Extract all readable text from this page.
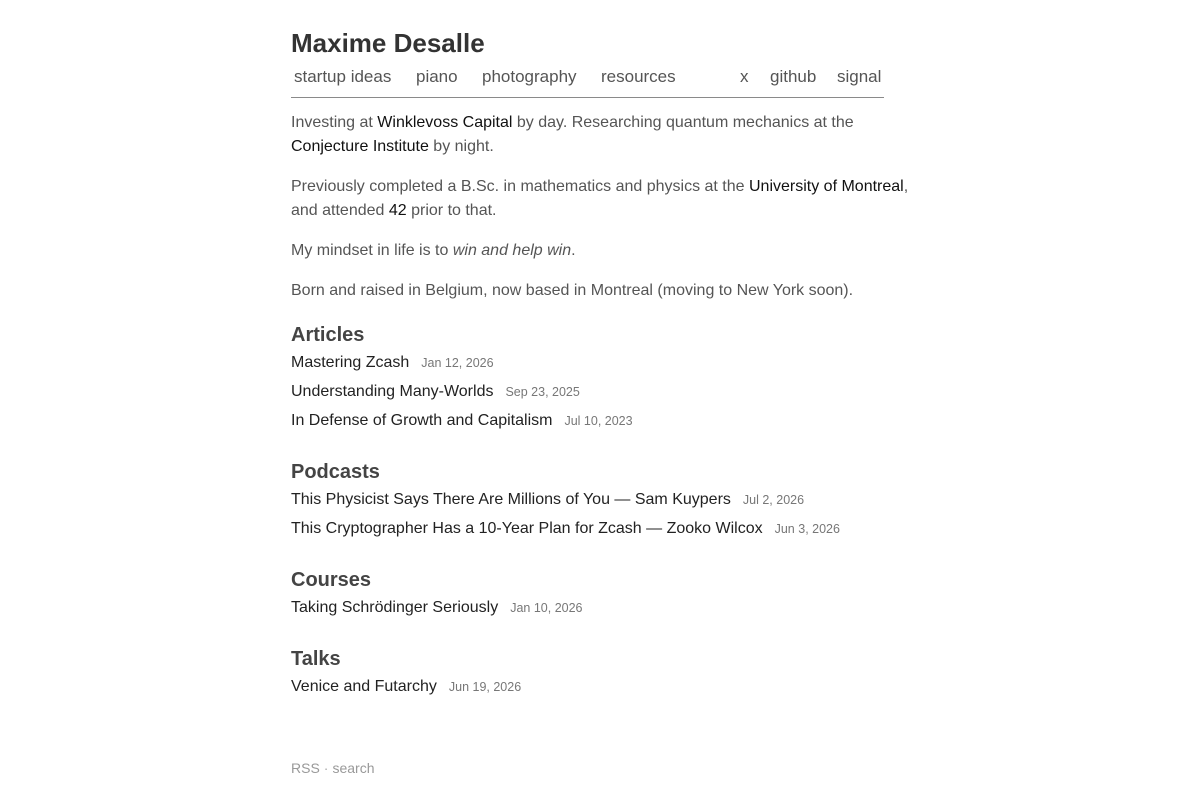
Maxime Desalle
startup ideas piano photography resources	x github signal

Investing at Winklevoss Capital by day. Researching quantum mechanics at the Conjecture Institute by night.

Previously completed a B.Sc. in mathematics and physics at the University of Montreal, and attended 42 prior to that.

My mindset in life is to win and help win.

Born and raised in Belgium, now based in Montreal (moving to New York soon).

Articles
Mastering Zcash Jan 12, 2026
Understanding Many-Worlds Sep 23, 2025
In Defense of Growth and Capitalism Jul 10, 2023
Podcasts
This Physicist Says There Are Millions of You — Sam Kuypers Jul 2, 2026
This Cryptographer Has a 10-Year Plan for Zcash — Zooko Wilcox Jun 3, 2026
Courses
Taking Schrödinger Seriously Jan 10, 2026
Talks
Venice and Futarchy Jun 19, 2026
RSS · search
